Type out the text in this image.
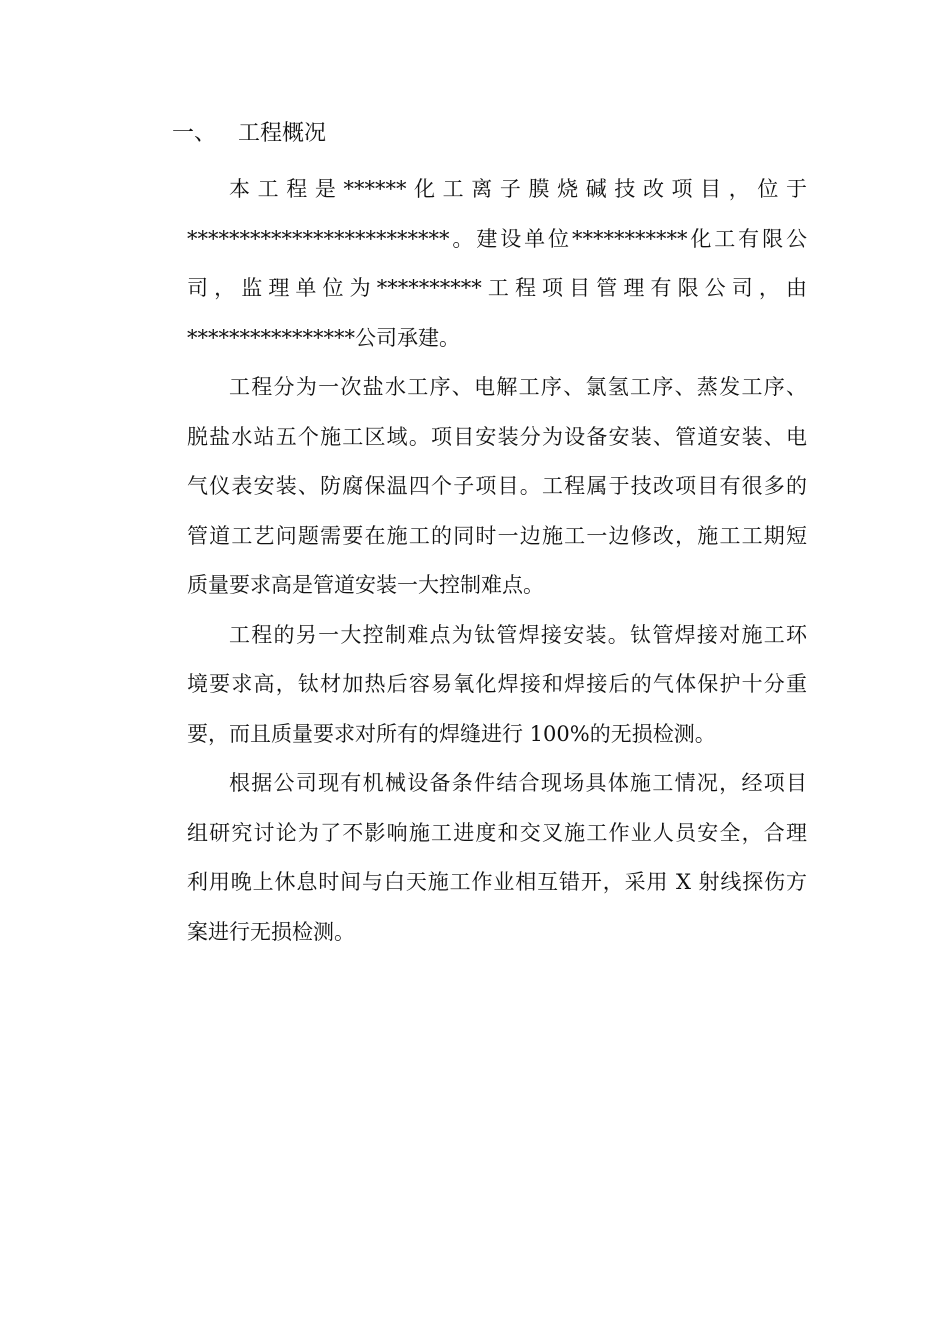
一、 工程概况

本工程是******化工离子膜烧碱技改项目，位于
*************************。建设单位***********化工有限公
司，监理单位为**********工程项目管理有限公司，由
****************公司承建。

工程分为一次盐水工序、电解工序、氯氢工序、蒸发工序、
脱盐水站五个施工区域。项目安装分为设备安装、管道安装、电
气仪表安装、防腐保温四个子项目。工程属于技改项目有很多的
管道工艺问题需要在施工的同时一边施工一边修改，施工工期短
质量要求高是管道安装一大控制难点。

工程的另一大控制难点为钛管焊接安装。钛管焊接对施工环
境要求高，钛材加热后容易氧化焊接和焊接后的气体保护十分重
要，而且质量要求对所有的焊缝进行 100%的无损检测。

根据公司现有机械设备条件结合现场具体施工情况，经项目
组研究讨论为了不影响施工进度和交叉施工作业人员安全，合理
利用晚上休息时间与白天施工作业相互错开，采用 X 射线探伤方
案进行无损检测。
